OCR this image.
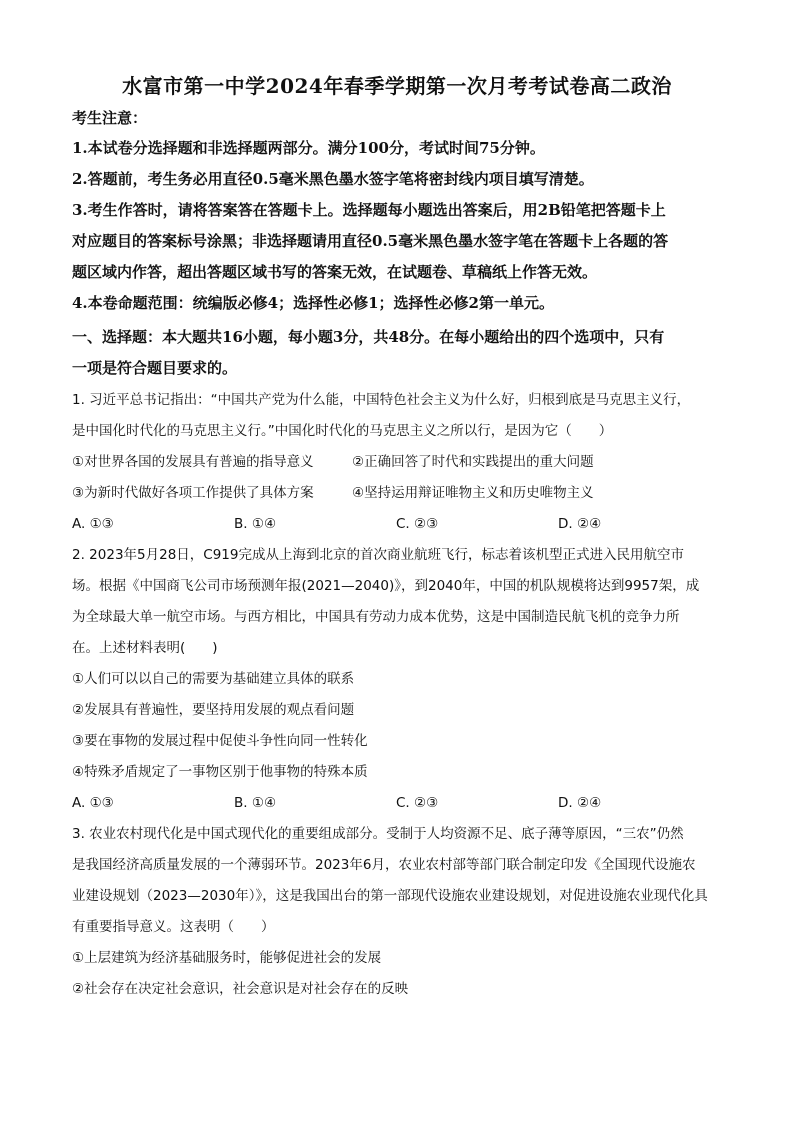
水富市第一中学2024年春季学期第一次月考考试卷高二政治
考生注意：
1.本试卷分选择题和非选择题两部分。满分100分，考试时间75分钟。
2.答题前，考生务必用直径0.5毫米黑色墨水签字笔将密封线内项目填写清楚。
3.考生作答时，请将答案答在答题卡上。选择题每小题选出答案后，用2B铅笔把答题卡上
对应题目的答案标号涂黑；非选择题请用直径0.5毫米黑色墨水签字笔在答题卡上各题的答
题区域内作答，超出答题区域书写的答案无效，在试题卷、草稿纸上作答无效。
4.本卷命题范围：统编版必修4；选择性必修1；选择性必修2第一单元。
一、选择题：本大题共16小题，每小题3分，共48分。在每小题给出的四个选项中，只有
一项是符合题目要求的。
1. 习近平总书记指出：“中国共产党为什么能，中国特色社会主义为什么好，归根到底是马克思主义行，
是中国化时代化的马克思主义行。”中国化时代化的马克思主义之所以行，是因为它（　　）
①对世界各国的发展具有普遍的指导意义	②正确回答了时代和实践提出的重大问题
③为新时代做好各项工作提供了具体方案	④坚持运用辩证唯物主义和历史唯物主义
A. ①③	B. ①④	C. ②③	D. ②④
2. 2023年5月28日，C919完成从上海到北京的首次商业航班飞行，标志着该机型正式进入民用航空市
场。根据《中国商飞公司市场预测年报(2021—2040)》，到2040年，中国的机队规模将达到9957架，成
为全球最大单一航空市场。与西方相比，中国具有劳动力成本优势，这是中国制造民航飞机的竞争力所
在。上述材料表明(　　)
①人们可以以自己的需要为基础建立具体的联系
②发展具有普遍性，要坚持用发展的观点看问题
③要在事物的发展过程中促使斗争性向同一性转化
④特殊矛盾规定了一事物区别于他事物的特殊本质
A. ①③	B. ①④	C. ②③	D. ②④
3. 农业农村现代化是中国式现代化的重要组成部分。受制于人均资源不足、底子薄等原因，“三农”仍然
是我国经济高质量发展的一个薄弱环节。2023年6月，农业农村部等部门联合制定印发《全国现代设施农
业建设规划（2023—2030年）》，这是我国出台的第一部现代设施农业建设规划，对促进设施农业现代化具
有重要指导意义。这表明（　　）
①上层建筑为经济基础服务时，能够促进社会的发展
②社会存在决定社会意识，社会意识是对社会存在的反映
